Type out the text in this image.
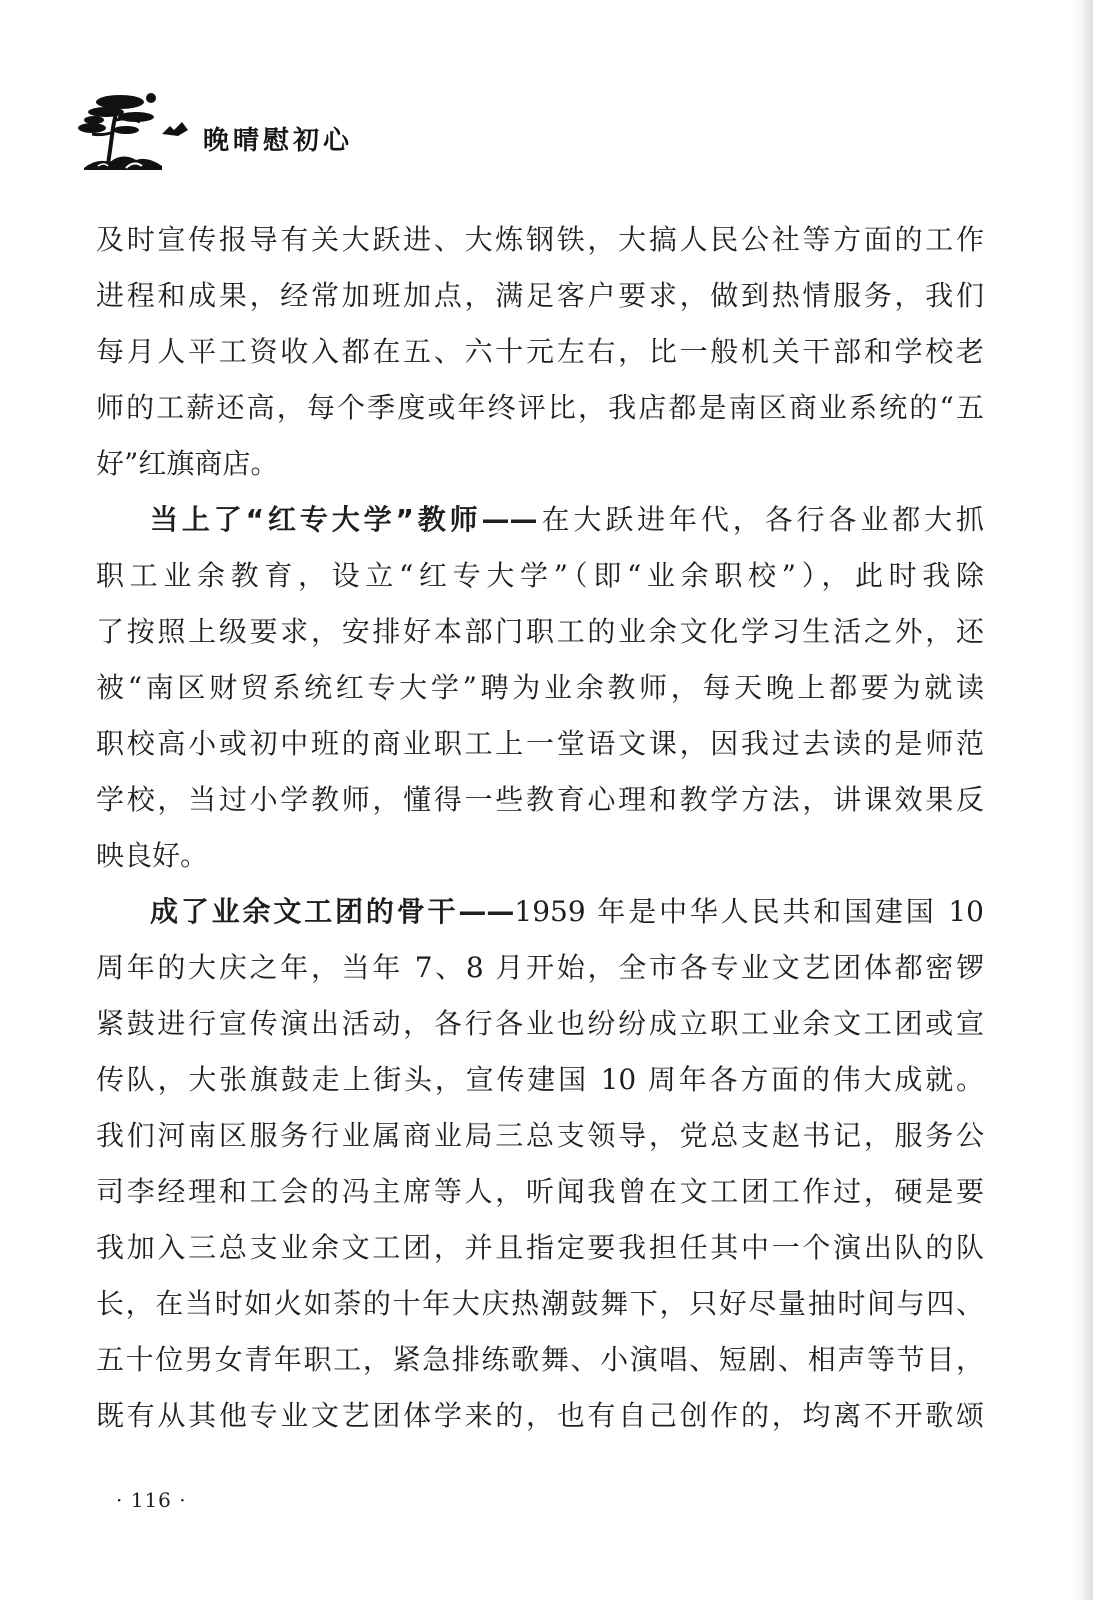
晚晴慰初心
及时宣传报导有关大跃进、大炼钢铁，大搞人民公社等方面的工作
进程和成果，经常加班加点，满足客户要求，做到热情服务，我们
每月人平工资收入都在五、六十元左右，比一般机关干部和学校老
师的工薪还高，每个季度或年终评比，我店都是南区商业系统的“五
好”红旗商店。
当上了“红专大学”教师——在大跃进年代，各行各业都大抓
职工业余教育，设立“红专大学”（即“业余职校”），此时我除
了按照上级要求，安排好本部门职工的业余文化学习生活之外，还
被“南区财贸系统红专大学”聘为业余教师，每天晚上都要为就读
职校高小或初中班的商业职工上一堂语文课，因我过去读的是师范
学校，当过小学教师，懂得一些教育心理和教学方法，讲课效果反
映良好。
成了业余文工团的骨干——1959 年是中华人民共和国建国 10
周年的大庆之年，当年 7、8 月开始，全市各专业文艺团体都密锣
紧鼓进行宣传演出活动，各行各业也纷纷成立职工业余文工团或宣
传队，大张旗鼓走上街头，宣传建国 10 周年各方面的伟大成就。
我们河南区服务行业属商业局三总支领导，党总支赵书记，服务公
司李经理和工会的冯主席等人，听闻我曾在文工团工作过，硬是要
我加入三总支业余文工团，并且指定要我担任其中一个演出队的队
长，在当时如火如荼的十年大庆热潮鼓舞下，只好尽量抽时间与四、
五十位男女青年职工，紧急排练歌舞、小演唱、短剧、相声等节目，
既有从其他专业文艺团体学来的，也有自己创作的，均离不开歌颂
· 116 ·
